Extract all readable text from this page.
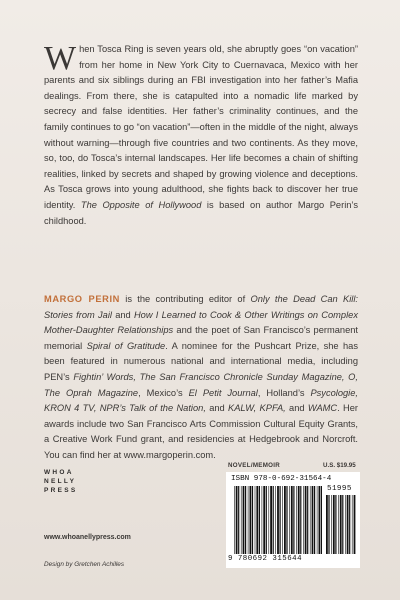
When Tosca Ring is seven years old, she abruptly goes “on vacation” from her home in New York City to Cuernavaca, Mexico with her parents and six siblings during an FBI investigation into her father’s Mafia dealings. From there, she is catapulted into a nomadic life marked by secrecy and false identities. Her father’s criminality continues, and the family continues to go “on vacation”—often in the middle of the night, always without warning—through five countries and two continents. As they move, so, too, do Tosca’s internal landscapes. Her life becomes a chain of shifting realities, linked by secrets and shaped by growing violence and deceptions. As Tosca grows into young adulthood, she fights back to discover her true identity. The Opposite of Hollywood is based on author Margo Perin’s childhood.

MARGO PERIN is the contributing editor of Only the Dead Can Kill: Stories from Jail and How I Learned to Cook & Other Writings on Complex Mother-Daughter Relationships and the poet of San Francisco’s permanent memorial Spiral of Gratitude. A nominee for the Pushcart Prize, she has been featured in numerous national and international media, including PEN’s Fightin’ Words, The San Francisco Chronicle Sunday Magazine, O, The Oprah Magazine, Mexico’s El Petit Journal, Holland’s Psycologie, KRON 4 TV, NPR’s Talk of the Nation, and KALW, KPFA, and WAMC. Her awards include two San Francisco Arts Commission Cultural Equity Grants, a Creative Work Fund grant, and residencies at Hedgebrook and Norcroft. You can find her at www.margoperin.com.

WHOA
NELLY
PRESS
www.whoanellypress.com
Design by Gretchen Achilles
NOVEL/MEMOIR	U.S. $19.95
ISBN 978-0-692-31564-4
51995
9 780692 315644
